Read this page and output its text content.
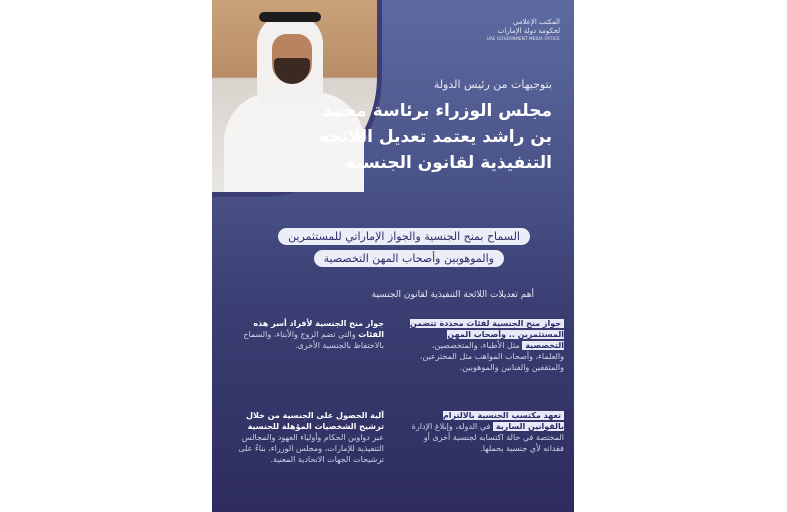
المكتب الإعلامي
لحكومة دولة الإمارات
UAE GOVERNMENT MEDIA OFFICE
بتوجيهات من رئيس الدولة
مجلس الوزراء برئاسة محمد بن راشد يعتمد تعديل اللائحة التنفيذية لقانون الجنسية
السماح بمنح الجنسية والجواز الإماراتي للمستثمرين
والموهوبين وأصحاب المهن التخصصية
أهم تعديلات اللائحة التنفيذية لقانون الجنسية
جواز منح الجنسية لفئات محددة تتضمن المستثمرين .. وأصحاب المهن التخصصية مثل الأطباء، والمتخصصين، والعلماء، وأصحاب المواهب مثل المخترعين، والمثقفين والفنانين والموهوبين.
جواز منح الجنسية لأفراد أسر هذه الفئات والتي تضم الزوج والأبناء، والسماح بالاحتفاظ بالجنسية الأخرى.
تعهد مكتسب الجنسية بالالتزام بالقوانين السارية في الدولة، وإبلاغ الإدارة المختصة في حالة اكتسابه لجنسية أخرى أو فقدانه لأي جنسية يحملها.
آلية الحصول على الجنسية من خلال ترشيح الشخصيات المؤهلة للجنسية عبر دواوين الحكام وأولياء العهود والمجالس التنفيذية للإمارات، ومجلس الوزراء، بناءً على ترشيحات الجهات الاتحادية المعنية.
